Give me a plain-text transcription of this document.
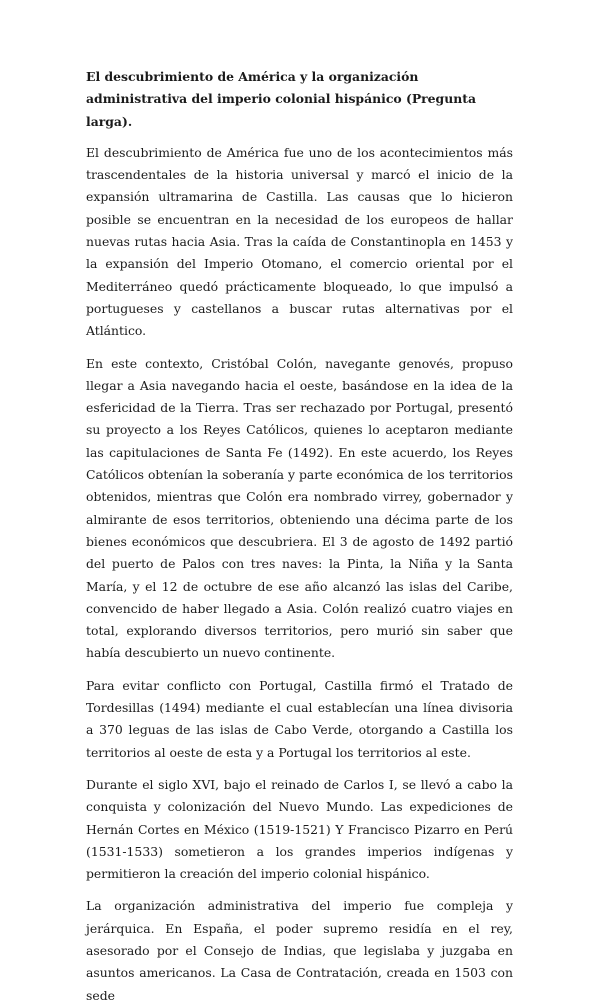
El descubrimiento de América y la organización administrativa del imperio colonial hispánico (Pregunta larga).

El descubrimiento de América fue uno de los acontecimientos más trascendentales de la historia universal y marcó el inicio de la expansión ultramarina de Castilla. Las causas que lo hicieron posible se encuentran en la necesidad de los europeos de hallar nuevas rutas hacia Asia. Tras la caída de Constantinopla en 1453 y la expansión del Imperio Otomano, el comercio oriental por el Mediterráneo quedó prácticamente bloqueado, lo que impulsó a portugueses y castellanos a buscar rutas alternativas por el Atlántico.

En este contexto, Cristóbal Colón, navegante genovés, propuso llegar a Asia navegando hacia el oeste, basándose en la idea de la esfericidad de la Tierra. Tras ser rechazado por Portugal, presentó su proyecto a los Reyes Católicos, quienes lo aceptaron mediante las capitulaciones de Santa Fe (1492). En este acuerdo, los Reyes Católicos obtenían la soberanía y parte económica de los territorios obtenidos, mientras que Colón era nombrado virrey, gobernador y almirante de esos territorios, obteniendo una décima parte de los bienes económicos que descubriera. El 3 de agosto de 1492 partió del puerto de Palos con tres naves: la Pinta, la Niña y la Santa María, y el 12 de octubre de ese año alcanzó las islas del Caribe, convencido de haber llegado a Asia. Colón realizó cuatro viajes en total, explorando diversos territorios, pero murió sin saber que había descubierto un nuevo continente.

Para evitar conflicto con Portugal, Castilla firmó el Tratado de Tordesillas (1494) mediante el cual establecían una línea divisoria a 370 leguas de las islas de Cabo Verde, otorgando a Castilla los territorios al oeste de esta y a Portugal los territorios al este.

Durante el siglo XVI, bajo el reinado de Carlos I, se llevó a cabo la conquista y colonización del Nuevo Mundo. Las expediciones de Hernán Cortes en México (1519-1521) Y Francisco Pizarro en Perú (1531-1533) sometieron a los grandes imperios indígenas y permitieron la creación del imperio colonial hispánico.

La organización administrativa del imperio fue compleja y jerárquica. En España, el poder supremo residía en el rey, asesorado por el Consejo de Indias, que legislaba y juzgaba en asuntos americanos. La Casa de Contratación, creada en 1503 con sede
